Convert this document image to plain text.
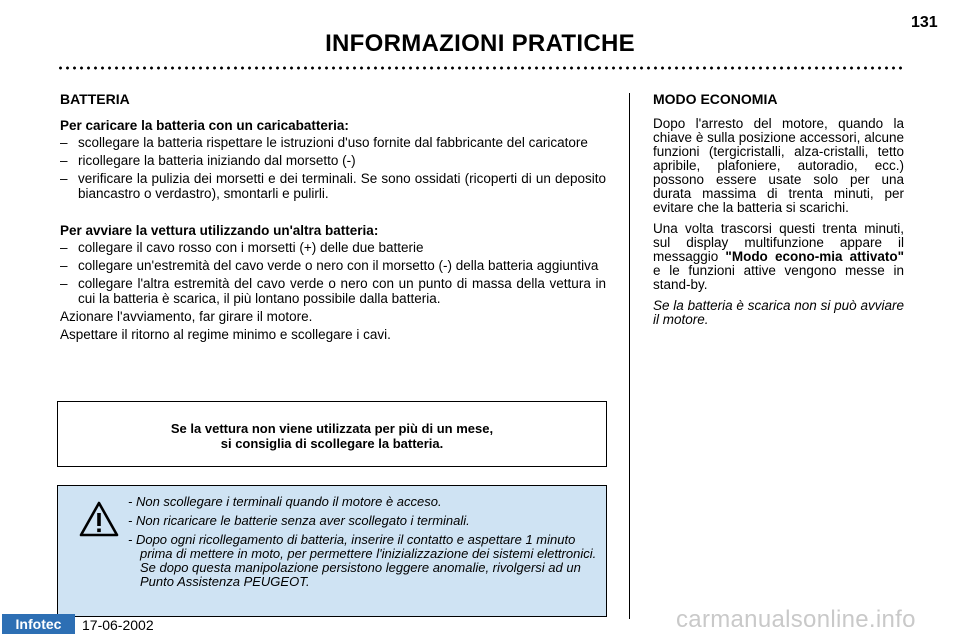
131
INFORMAZIONI PRATICHE
BATTERIA
Per caricare la batteria con un caricabatteria:
– scollegare la batteria rispettare le istruzioni d'uso fornite dal fabbricante del caricatore
– ricollegare la batteria iniziando dal morsetto (-)
– verificare la pulizia dei morsetti e dei terminali. Se sono ossidati (ricoperti di un deposito biancastro o verdastro), smontarli e pulirli.
Per avviare la vettura utilizzando un'altra batteria:
– collegare il cavo rosso con i morsetti (+) delle due batterie
– collegare un'estremità del cavo verde o nero con il morsetto (-) della batteria aggiuntiva
– collegare l'altra estremità del cavo verde o nero con un punto di massa della vettura in cui la batteria è scarica, il più lontano possibile dalla batteria.
Azionare l'avviamento, far girare il motore.
Aspettare il ritorno al regime minimo e scollegare i cavi.
Se la vettura non viene utilizzata per più di un mese,
si consiglia di scollegare la batteria.
- Non scollegare i terminali quando il motore è acceso.
- Non ricaricare le batterie senza aver scollegato i terminali.
- Dopo ogni ricollegamento di batteria, inserire il contatto e aspettare 1 minuto prima di mettere in moto, per permettere l'inizializzazione dei sistemi elettronici. Se dopo questa manipolazione persistono leggere anomalie, rivolgersi ad un Punto Assistenza PEUGEOT.
MODO ECONOMIA

Dopo l'arresto del motore, quando la chiave è sulla posizione accessori, alcune funzioni (tergicristalli, alza-cristalli, tetto apribile, plafoniere, autoradio, ecc.) possono essere usate solo per una durata massima di trenta minuti, per evitare che la batteria si scarichi.

Una volta trascorsi questi trenta minuti, sul display multifunzione appare il messaggio "Modo econo-mia attivato" e le funzioni attive vengono messe in stand-by.

Se la batteria è scarica non si può avviare il motore.

Infotec	17-06-2002	carmanualsonline.info
